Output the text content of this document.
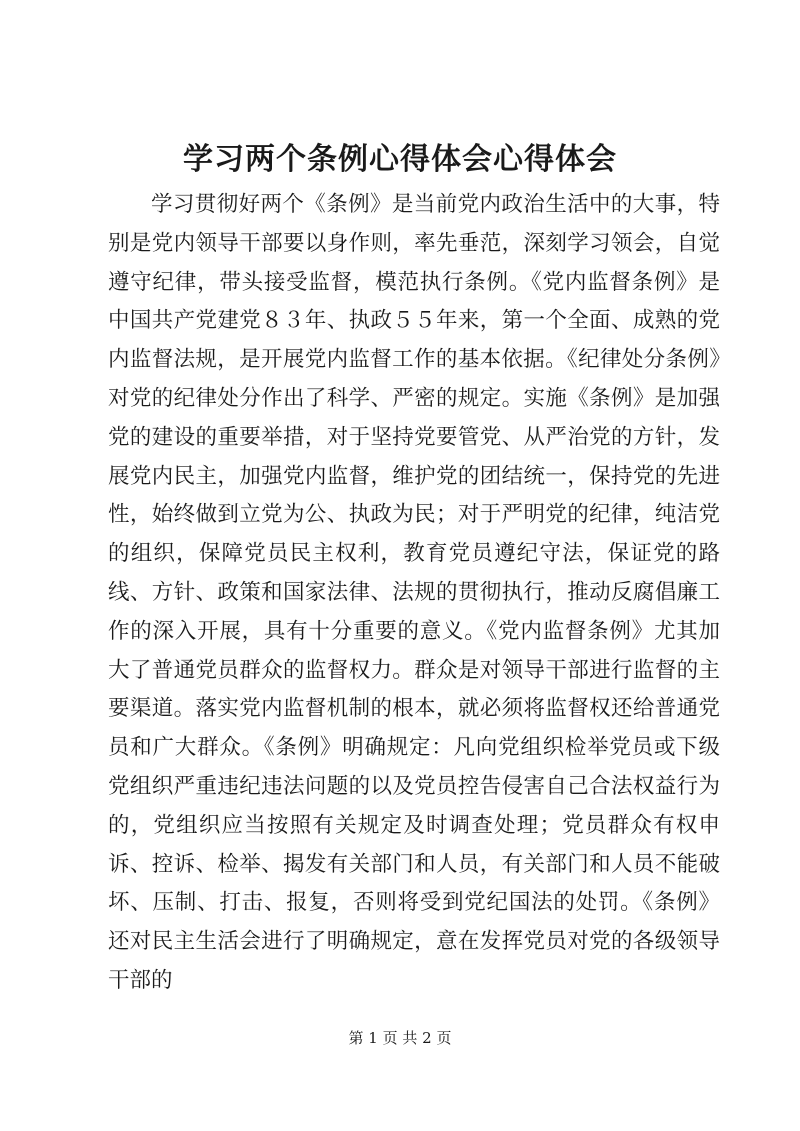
学习两个条例心得体会心得体会

学习贯彻好两个《条例》是当前党内政治生活中的大事，特别是党内领导干部要以身作则，率先垂范，深刻学习领会，自觉遵守纪律，带头接受监督，模范执行条例。《党内监督条例》是中国共产党建党８３年、执政５５年来，第一个全面、成熟的党内监督法规，是开展党内监督工作的基本依据。《纪律处分条例》对党的纪律处分作出了科学、严密的规定。实施《条例》是加强党的建设的重要举措，对于坚持党要管党、从严治党的方针，发展党内民主，加强党内监督，维护党的团结统一，保持党的先进性，始终做到立党为公、执政为民；对于严明党的纪律，纯洁党的组织，保障党员民主权利，教育党员遵纪守法，保证党的路线、方针、政策和国家法律、法规的贯彻执行，推动反腐倡廉工作的深入开展，具有十分重要的意义。《党内监督条例》尤其加大了普通党员群众的监督权力。群众是对领导干部进行监督的主要渠道。落实党内监督机制的根本，就必须将监督权还给普通党员和广大群众。《条例》明确规定：凡向党组织检举党员或下级党组织严重违纪违法问题的以及党员控告侵害自己合法权益行为的，党组织应当按照有关规定及时调查处理；党员群众有权申诉、控诉、检举、揭发有关部门和人员，有关部门和人员不能破坏、压制、打击、报复，否则将受到党纪国法的处罚。《条例》还对民主生活会进行了明确规定，意在发挥党员对党的各级领导干部的

第 1 页 共 2 页
